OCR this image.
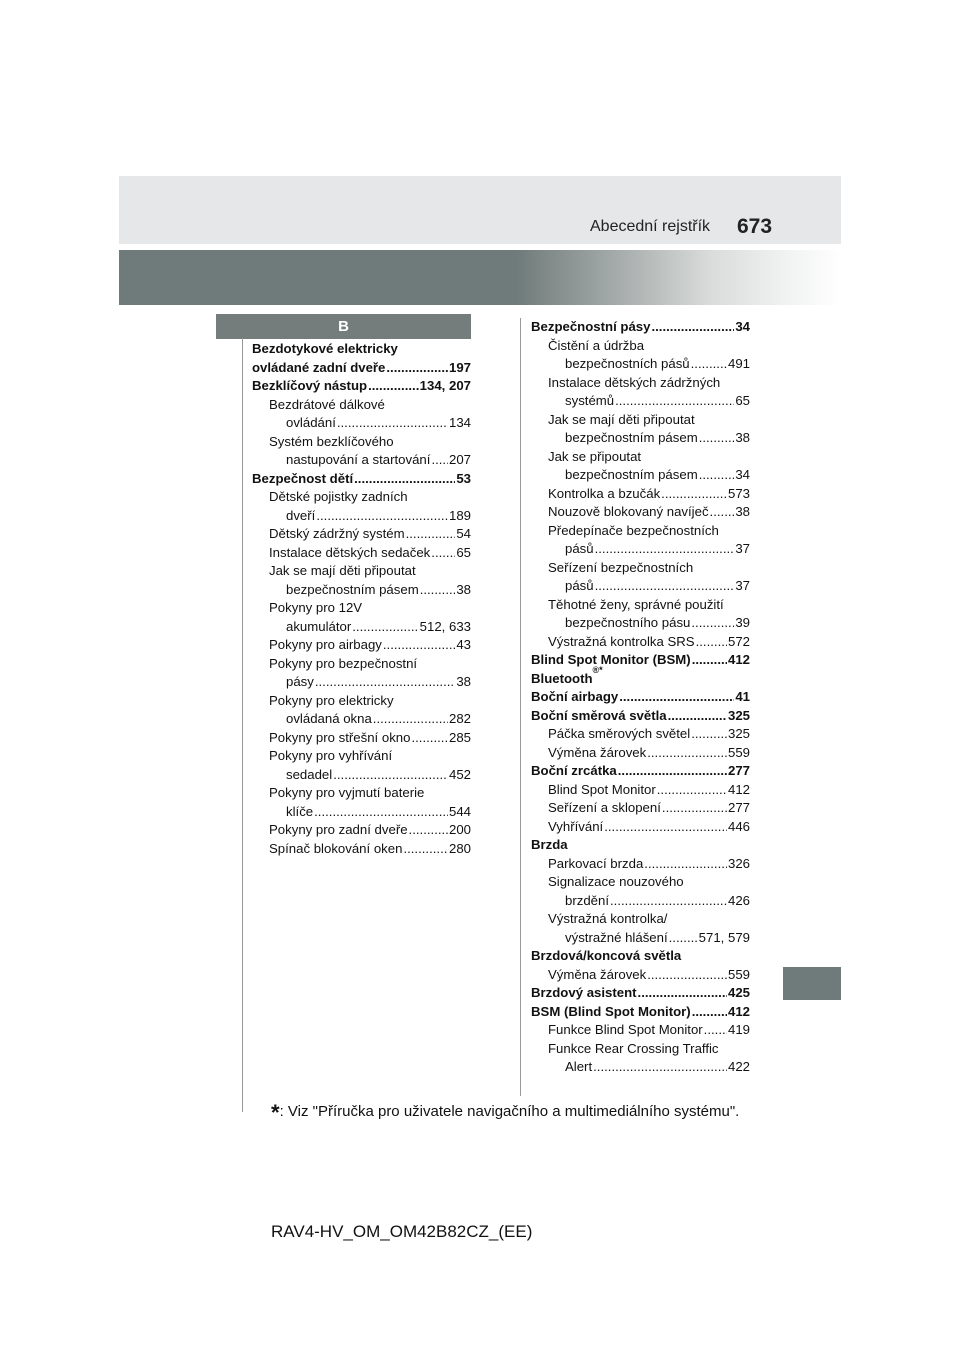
Abecední rejstřík 673
B
Bezdotykové elektricky
ovládané zadní dveře .....	197
Bezklíčový nástup .....	134, 207
Bezdrátové dálkové
ovládání .....	134
Systém bezklíčového
nastupování a startování ..... 207
Bezpečnost dětí .....	53
Dětské pojistky zadních
dveří .....	189
Dětský zádržný systém .....	54
Instalace dětských sedaček ..... 65
Jak se mají děti připoutat
bezpečnostním pásem .....	38
Pokyny pro 12V
akumulátor .....	512, 633
Pokyny pro airbagy .....	43
Pokyny pro bezpečnostní
pásy .....	38
Pokyny pro elektricky
ovládaná okna .....	282
Pokyny pro střešní okno .....	285
Pokyny pro vyhřívání
sedadel .....	452
Pokyny pro vyjmutí baterie
klíče .....	544
Pokyny pro zadní dveře .....	200
Spínač blokování oken .....	280
Bezpečnostní pásy .....	34
Čistění a údržba
bezpečnostních pásů .....	491
Instalace dětských zádržných
systémů .....	65
Jak se mají děti připoutat
bezpečnostním pásem .....	38
Jak se připoutat
bezpečnostním pásem .....	34
Kontrolka a bzučák .....	573
Nouzově blokovaný navíječ ..... 38
Předepínače bezpečnostních
pásů .....	37
Seřízení bezpečnostních
pásů .....	37
Těhotné ženy, správné použití
bezpečnostního pásu .....	39
Výstražná kontrolka SRS .....	572
Blind Spot Monitor (BSM) .....	412
Bluetooth
®*
Boční airbagy .....	41
Boční směrová světla .....	325
Páčka směrových světel .....	325
Výměna žárovek .....	559
Boční zrcátka .....	277
Blind Spot Monitor .....	412
Seřízení a sklopení .....	277
Vyhřívání .....	446
Brzda
Parkovací brzda .....	326
Signalizace nouzového
brzdění .....	426
Výstražná kontrolka/
výstražné hlášení ..... 571, 579
Brzdová/koncová světla
Výměna žárovek .....	559
Brzdový asistent .....	425
BSM (Blind Spot Monitor) .....	412
Funkce Blind Spot Monitor ..... 419
Funkce Rear Crossing Traffic
Alert .....	422
*: Viz "Příručka pro uživatele navigačního a multimediálního systému".
RAV4-HV_OM_OM42B82CZ_(EE)
